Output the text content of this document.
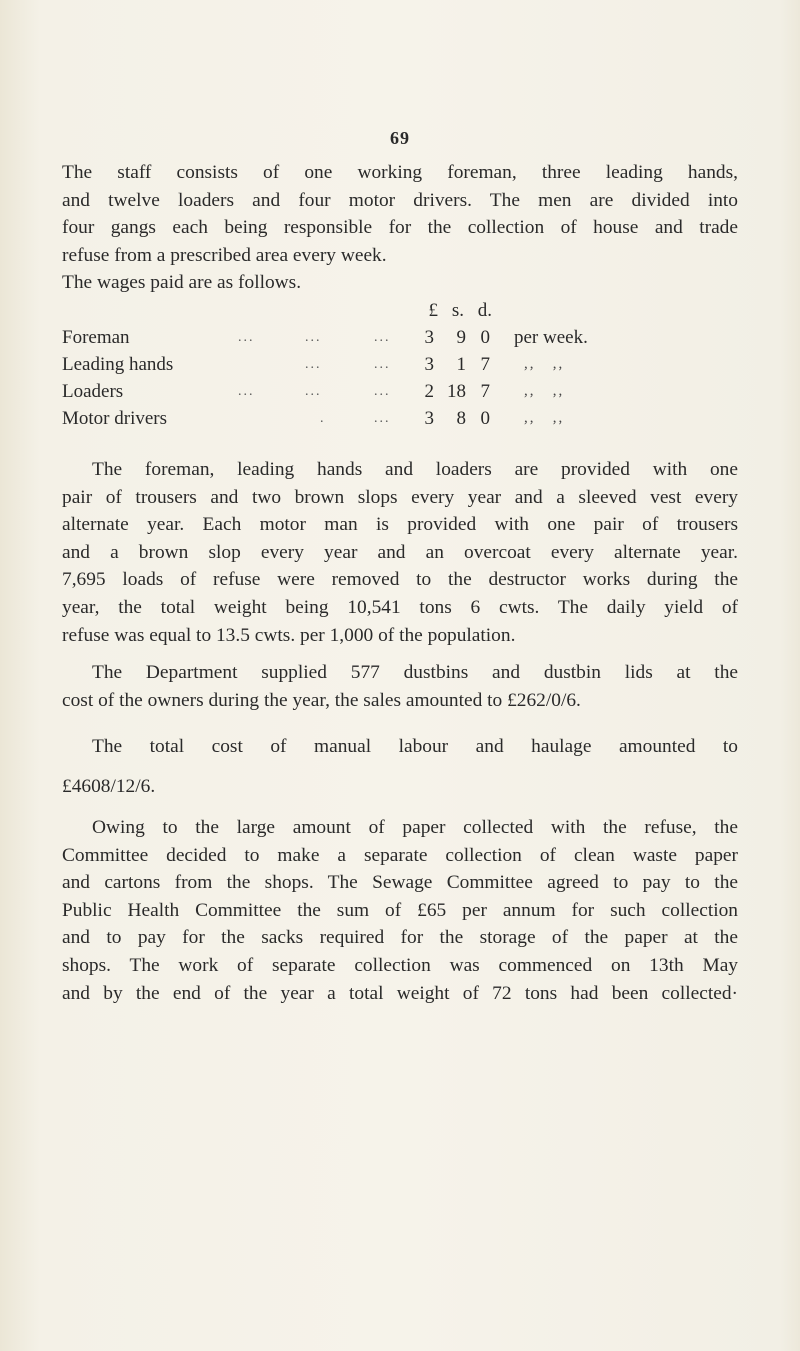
69
The staff consists of one working foreman, three leading hands,
and twelve loaders and four motor drivers. The men are divided into
four gangs each being responsible for the collection of house and trade
refuse from a prescribed area every week.
The wages paid are as follows.
£ s. d.
Foreman	...	...	...	3	9 0 per week.
Leading hands	...	...	3	1 7 ,,   ,,
Loaders	...	...	...	2 18 7 ,,   ,,
Motor drivers	.	...	3	8 0 ,,   ,,
The foreman, leading hands and loaders are provided with one
pair of trousers and two brown slops every year and a sleeved vest every
alternate year. Each motor man is provided with one pair of trousers
and a brown slop every year and an overcoat every alternate year.
7,695 loads of refuse were removed to the destructor works during the
year, the total weight being 10,541 tons 6 cwts. The daily yield of
refuse was equal to 13.5 cwts. per 1,000 of the population.
The Department supplied 577 dustbins and dustbin lids at the
cost of the owners during the year, the sales amounted to £262/0/6.
The total cost of manual labour and haulage amounted to
£4608/12/6.
Owing to the large amount of paper collected with the refuse, the
Committee decided to make a separate collection of clean waste paper
and cartons from the shops. The Sewage Committee agreed to pay to the
Public Health Committee the sum of £65 per annum for such collection
and to pay for the sacks required for the storage of the paper at the
shops. The work of separate collection was commenced on 13th May
and by the end of the year a total weight of 72 tons had been collected·
